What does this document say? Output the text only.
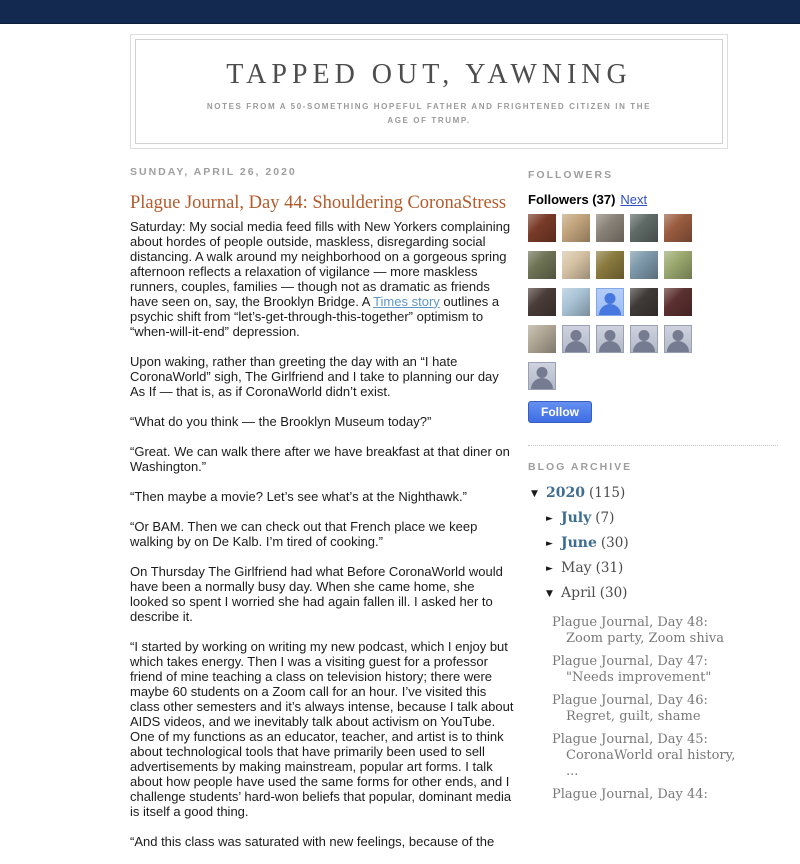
TAPPED OUT, YAWNING
NOTES FROM A 50-SOMETHING HOPEFUL FATHER AND FRIGHTENED CITIZEN IN THE AGE OF TRUMP.
SUNDAY, APRIL 26, 2020
Plague Journal, Day 44: Shouldering CoronaStress

Saturday: My social media feed fills with New Yorkers complaining about hordes of people outside, maskless, disregarding social distancing. A walk around my neighborhood on a gorgeous spring afternoon reflects a relaxation of vigilance — more maskless runners, couples, families — though not as dramatic as friends have seen on, say, the Brooklyn Bridge. A Times story outlines a psychic shift from “let’s-get-through-this-together” optimism to “when-will-it-end” depression.

Upon waking, rather than greeting the day with an “I hate CoronaWorld” sigh, The Girlfriend and I take to planning our day As If — that is, as if CoronaWorld didn’t exist.

“What do you think — the Brooklyn Museum today?”

“Great. We can walk there after we have breakfast at that diner on Washington.”

“Then maybe a movie? Let’s see what’s at the Nighthawk.”

“Or BAM. Then we can check out that French place we keep walking by on De Kalb. I’m tired of cooking.”

On Thursday The Girlfriend had what Before CoronaWorld would have been a normally busy day. When she came home, she looked so spent I worried she had again fallen ill. I asked her to describe it.

“I started by working on writing my new podcast, which I enjoy but which takes energy. Then I was a visiting guest for a professor friend of mine teaching a class on television history; there were maybe 60 students on a Zoom call for an hour. I’ve visited this class other semesters and it’s always intense, because I talk about AIDS videos, and we inevitably talk about activism on YouTube. One of my functions as an educator, teacher, and artist is to think about technological tools that have primarily been used to sell advertisements by making mainstream, popular art forms. I talk about how people have used the same forms for other ends, and I challenge students’ hard-won beliefs that popular, dominant media is itself a good thing.

“And this class was saturated with new feelings, because of the

FOLLOWERS
Followers (37) Next
Follow
BLOG ARCHIVE
▼ 2020 (115)
► July (7)
► June (30)
► May (31)
▼ April (30)
Plague Journal, Day 48: Zoom party, Zoom shiva
Plague Journal, Day 47: "Needs improvement"
Plague Journal, Day 46: Regret, guilt, shame
Plague Journal, Day 45: CoronaWorld oral history, ...
Plague Journal, Day 44:
